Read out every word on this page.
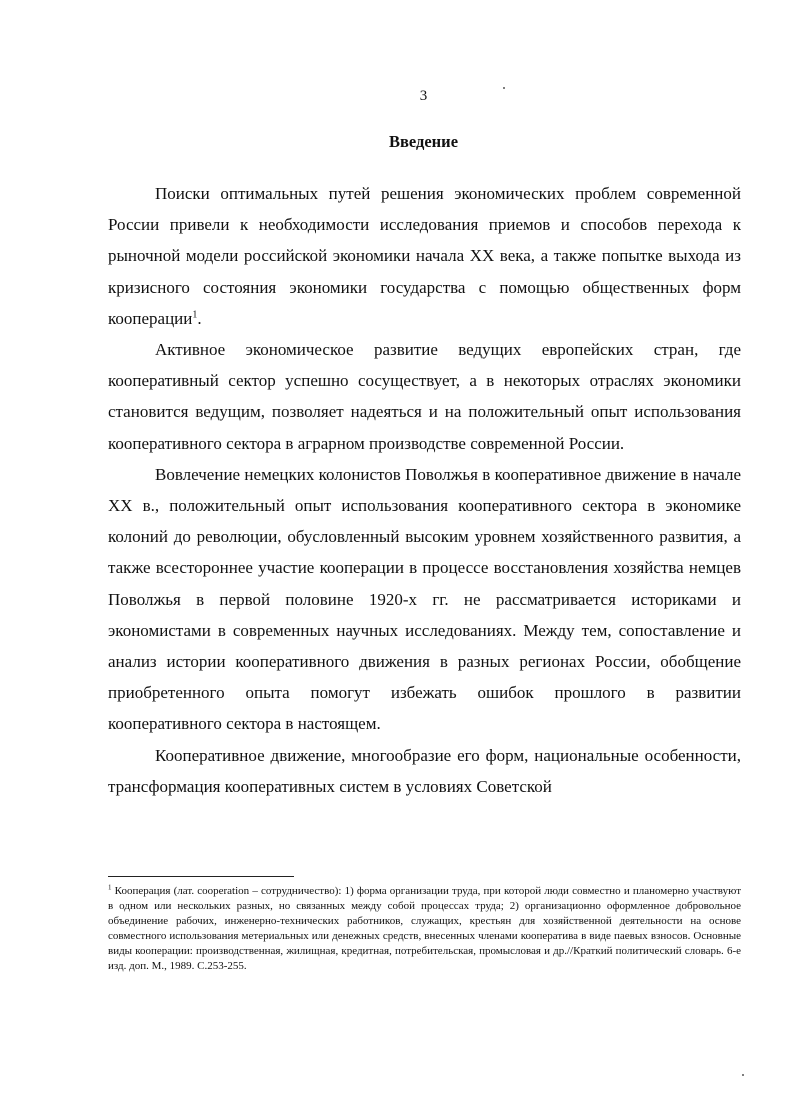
3
Введение

Поиски оптимальных путей решения экономических проблем современной России привели к необходимости исследования приемов и способов перехода к рыночной модели российской экономики начала XX века, а также попытке выхода из кризисного состояния экономики государства с помощью общественных форм кооперации$^1$.

Активное экономическое развитие ведущих европейских стран, где кооперативный сектор успешно сосуществует, а в некоторых отраслях экономики становится ведущим, позволяет надеяться и на положительный опыт использования кооперативного сектора в аграрном производстве современной России.

Вовлечение немецких колонистов Поволжья в кооперативное движение в начале XX в., положительный опыт использования кооперативного сектора в экономике колоний до революции, обусловленный высоким уровнем хозяйственного развития, а также всестороннее участие кооперации в процессе восстановления хозяйства немцев Поволжья в первой половине 1920-х гг. не рассматривается историками и экономистами в современных научных исследованиях. Между тем, сопоставление и анализ истории кооперативного движения в разных регионах России, обобщение приобретенного опыта помогут избежать ошибок прошлого в развитии кооперативного сектора в настоящем.

Кооперативное движение, многообразие его форм, национальные особенности, трансформация кооперативных систем в условиях Советской

$^1$ Кооперация (лат. cooperation – сотрудничество): 1) форма организации труда, при которой люди совместно и планомерно участвуют в одном или нескольких разных, но связанных между собой процессах труда; 2) организационно оформленное добровольное объединение рабочих, инженерно-технических работников, служащих, крестьян для хозяйственной деятельности на основе совместного использования метериальных или денежных средств, внесенных членами кооператива в виде паевых взносов. Основные виды кооперации: производственная, жилищная, кредитная, потребительская, промысловая и др.//Краткий политический словарь. 6-е изд. доп. М., 1989. С.253-255.
